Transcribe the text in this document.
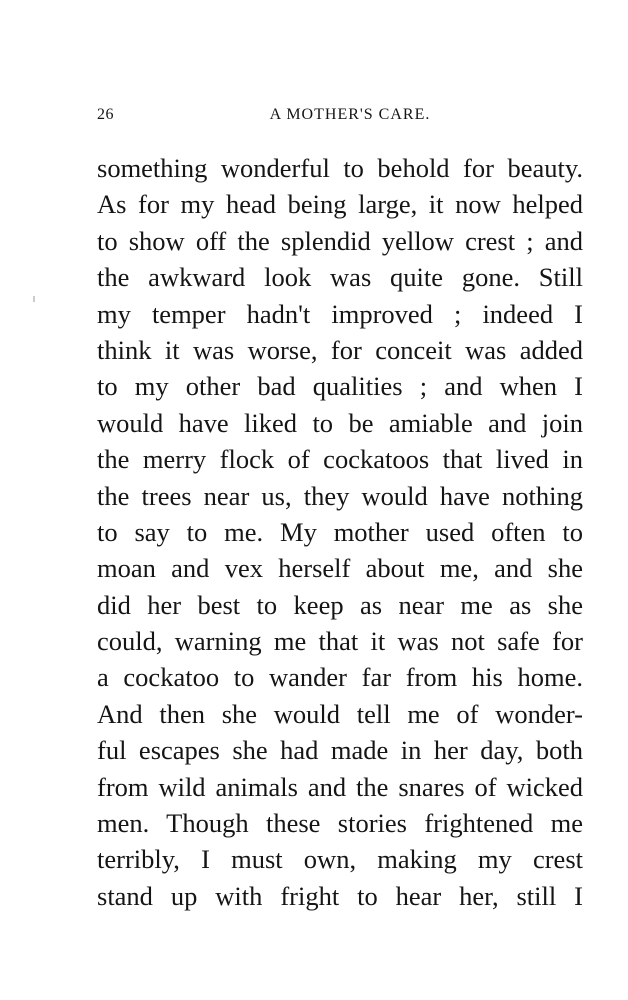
26	A MOTHER'S CARE.
something wonderful to behold for beauty.
As for my head being large, it now helped
to show off the splendid yellow crest ; and
the awkward look was quite gone. Still
my temper hadn't improved ; indeed I
think it was worse, for conceit was added
to my other bad qualities ; and when I
would have liked to be amiable and join
the merry flock of cockatoos that lived in
the trees near us, they would have nothing
to say to me. My mother used often to
moan and vex herself about me, and she
did her best to keep as near me as she
could, warning me that it was not safe for
a cockatoo to wander far from his home.
And then she would tell me of wonder-
ful escapes she had made in her day, both
from wild animals and the snares of wicked
men. Though these stories frightened me
terribly, I must own, making my crest
stand up with fright to hear her, still I
